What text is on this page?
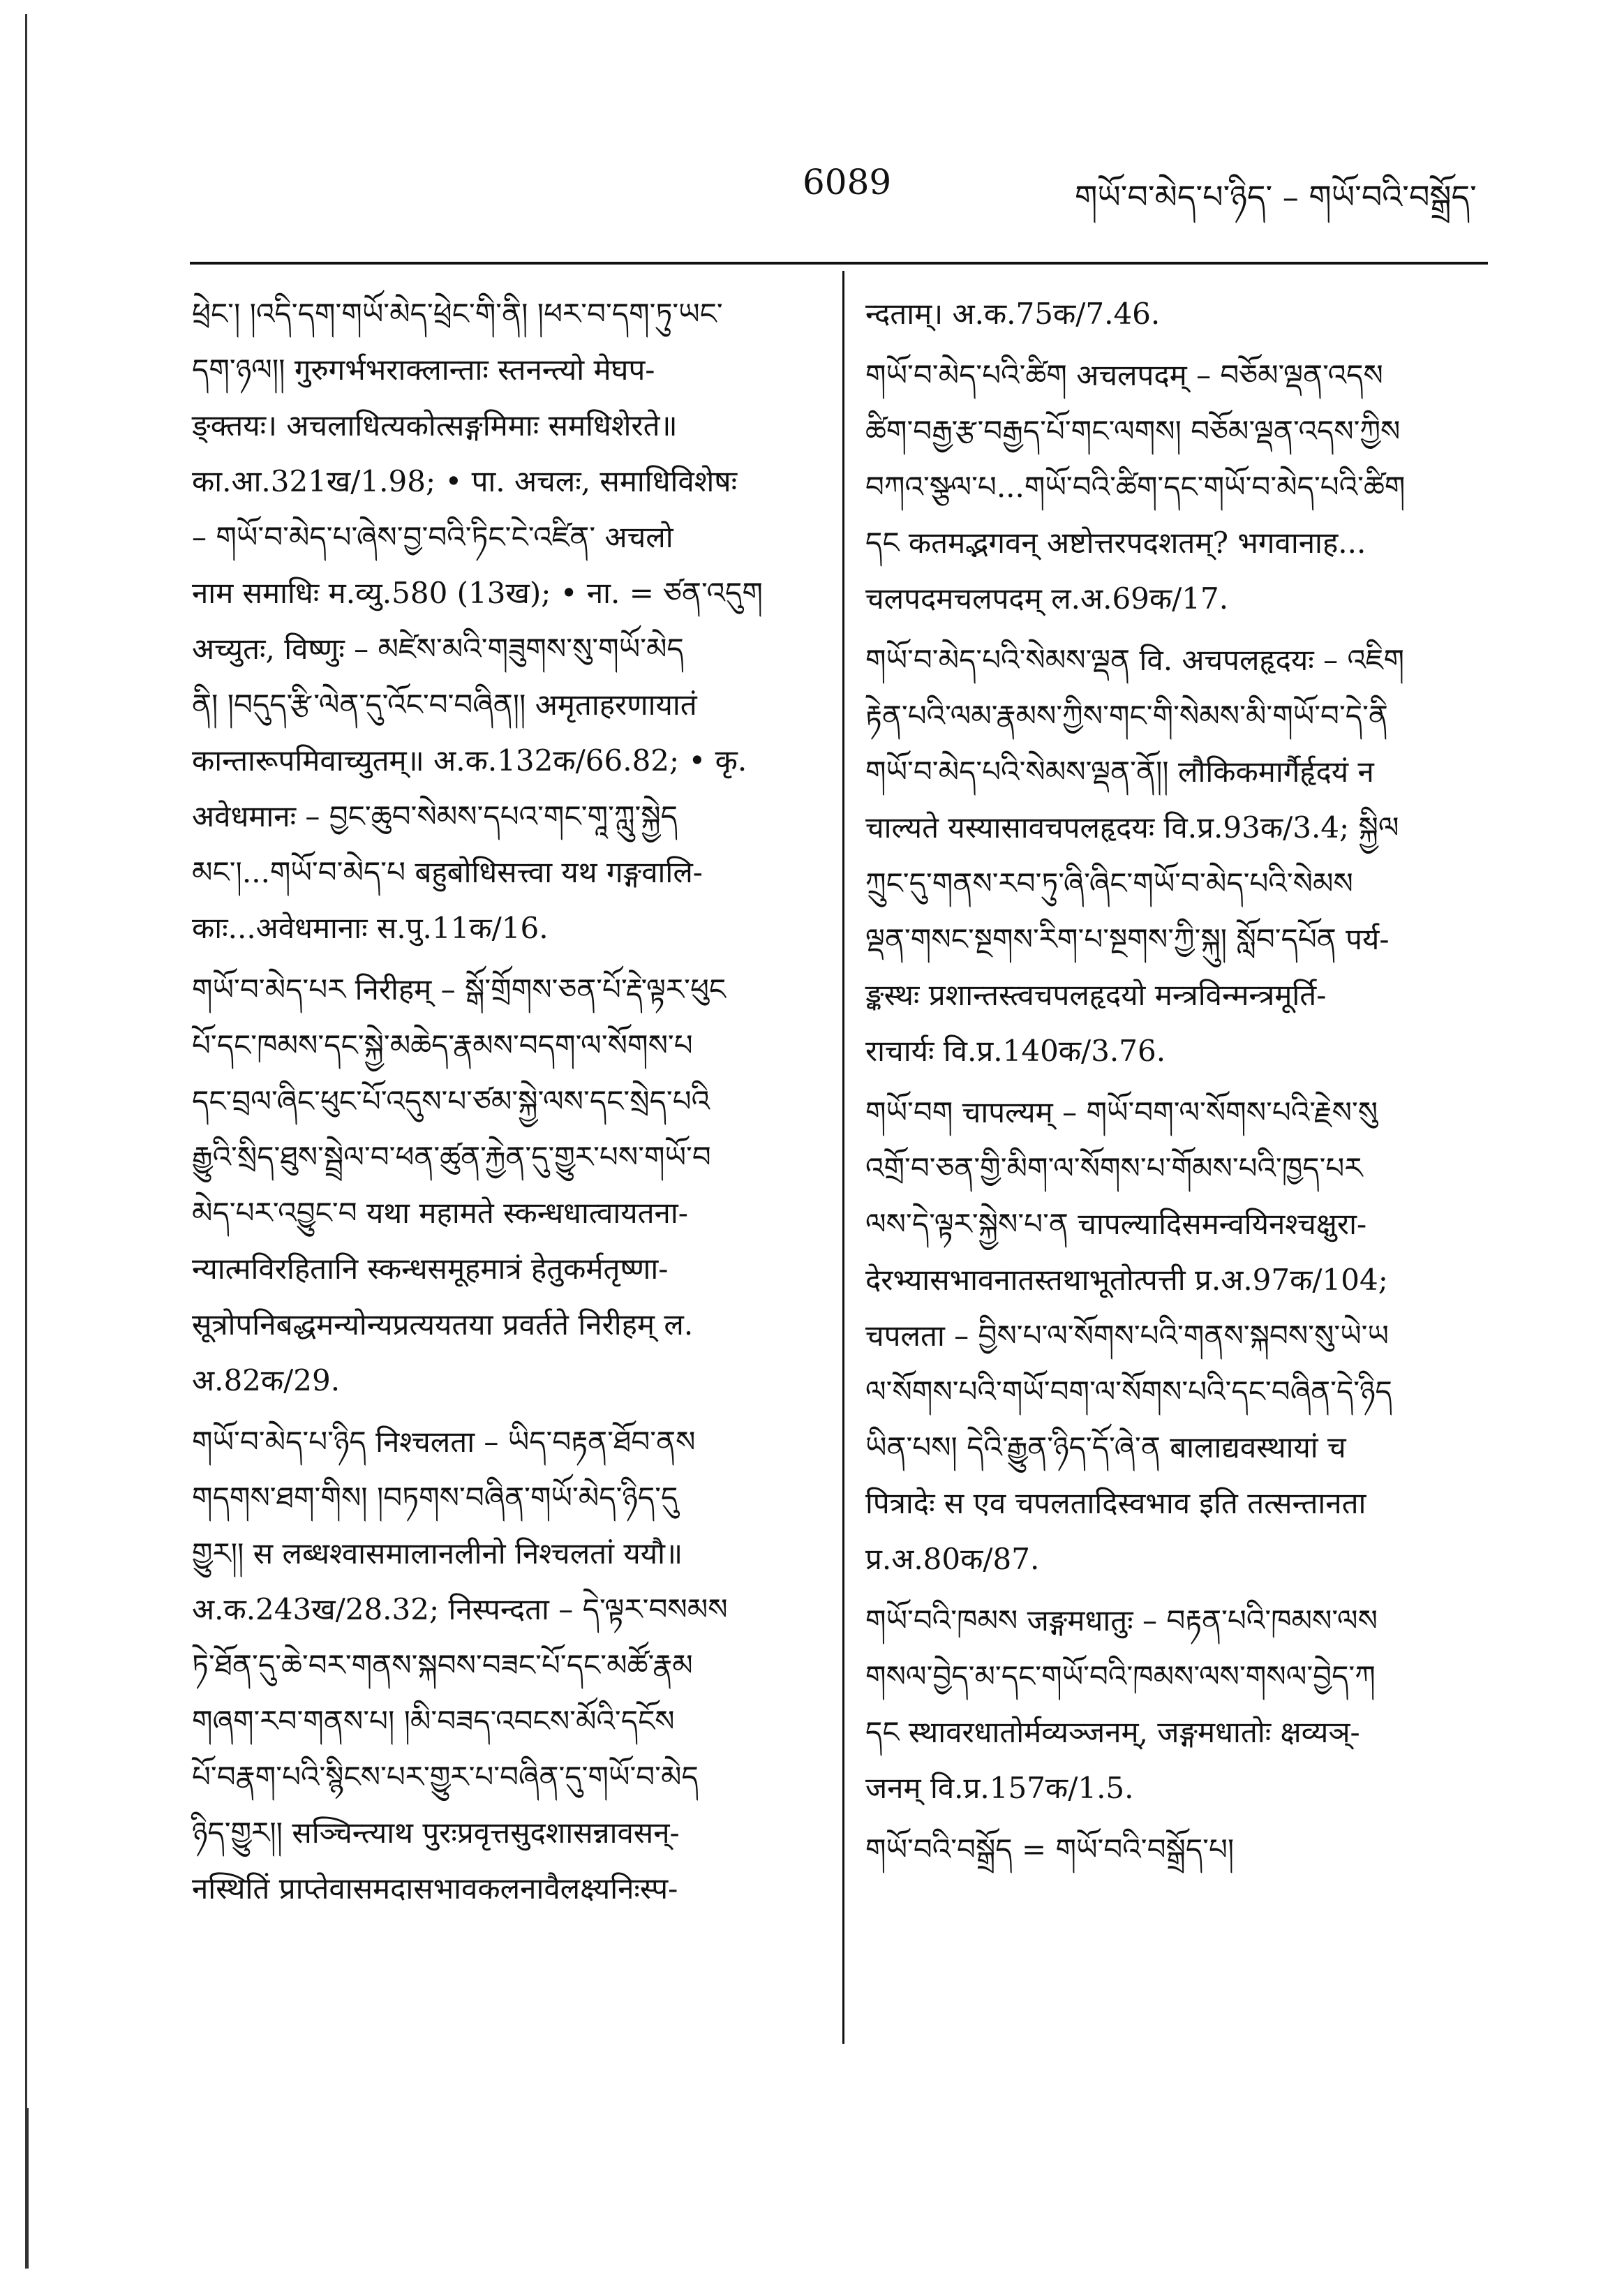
6089	གཡོ་བ་མེད་པ་ཉིད་ – གཡོ་བའི་བསྒྲོད་
ཕྲེང་། །འདི་དག་གཡོ་མེད་ཕྲེང་གི་ནི། །ཕར་བ་དག་ཏུ་ཡང་
དག་ཉལ།། गुरुगर्भभराक्लान्ताः स्तनन्त्यो मेघप-
ङ्क्तयः। अचलाधित्यकोत्सङ्गमिमाः समधिशेरते॥
का.आ.321ख/1.98; • पा. अचलः, समाधिविशेषः
– གཡོ་བ་མེད་པ་ཞེས་བྱ་བའི་ཏིང་ངེ་འཛིན་ अचलो
नाम समाधिः म.व्यु.580 (13ख); • ना. = ཙན་འདུག
अच्युतः, विष्णुः – མཛེས་མའི་གཟུགས་སུ་གཡོ་མེད
ནི། །བདུད་རྩི་ལེན་དུ་འོང་བ་བཞིན།། अमृताहरणायातं
कान्तारूपमिवाच्युतम्॥ अ.क.132क/66.82; • कृ.
अवेधमानः – བྱང་ཆུབ་སེམས་དཔའ་གང་གཱ་ཀླུ་སྐྱེད
མང་།...གཡོ་བ་མེད་པ बहुबोधिसत्त्वा यथ गङ्गवालि-
काः...अवेधमानाः स.पु.11क/16.
གཡོ་བ་མེད་པར निरीहम् – སྒོ་གྲོགས་ཅན་པོ་རྡེ་ལྟར་ཕུང
པོ་དང་ཁམས་དང་སྐྱེ་མཆེད་རྣམས་བདག་ལ་སོགས་པ
དང་བྲལ་ཞིང་ཕུང་པོ་འདུས་པ་ཙམ་སྐྱེ་ལས་དང་སྲེད་པའི
རྒྱུའི་སྲིད་ཐུས་སྦྲེལ་བ་ཕན་ཚུན་རྐྱེན་དུ་གྱུར་པས་གཡོ་བ
མེད་པར་འབྱུང་བ यथा महामते स्कन्धधात्वायतना-
न्यात्मविरहितानि स्कन्धसमूहमात्रं हेतुकर्मतृष्णा-
सूत्रोपनिबद्धमन्योन्यप्रत्ययतया प्रवर्तते निरीहम् ल.
अ.82क/29.
གཡོ་བ་མེད་པ་ཉིད निश्चलता – ཡིད་བརྟན་ཐོབ་ནས
གདགས་ཐག་གིས། །བཏགས་བཞིན་གཡོ་མེད་ཉིད་དུ
གྱུར།། स लब्धश्वासमालानलीनो निश्चलतां ययौ॥
अ.क.243ख/28.32; निस्पन्दता – དེ་ལྟར་བསམས
ཏེ་ཐོན་དུ་ཆེ་བར་གནས་སྐབས་བཟང་པོ་དང་མཚོ་རྣམ
གཞག་རབ་གནས་པ། །མི་བཟད་འབངས་མོའི་དངོས
པོ་བརྣག་པའི་སྙིངས་པར་གྱུར་པ་བཞིན་དུ་གཡོ་བ་མེད
ཉིད་གྱུར།། सञ्चिन्त्याथ पुरःप्रवृत्तसुदशासन्नावसन्-
नस्थितिं प्राप्तेवासमदासभावकलनावैलक्ष्यनिःस्प-
न्दताम्। अ.क.75क/7.46.
གཡོ་བ་མེད་པའི་ཚིག अचलपदम् – བཅོམ་ལྡན་འདས
ཚིག་བརྒྱ་རྩ་བརྒྱད་པོ་གང་ལགས། བཅོམ་ལྡན་འདས་ཀྱིས
བཀའ་སྩལ་པ...གཡོ་བའི་ཚིག་དང་གཡོ་བ་མེད་པའི་ཚིག
དང कतमद्भगवन् अष्टोत्तरपदशतम्? भगवानाह...
चलपदमचलपदम् ल.अ.69क/17.
གཡོ་བ་མེད་པའི་སེམས་ལྡན वि. अचपलहृदयः – འཇིག
རྟེན་པའི་ལམ་རྣམས་ཀྱིས་གང་གི་སེམས་མི་གཡོ་བ་དེ་ནི
གཡོ་བ་མེད་པའི་སེམས་ལྡན་ནོ།། लौकिकमार्गैर्हृदयं न
चाल्यते यस्यासावचपलहृदयः वि.प्र.93क/3.4; སྐྱིལ
ཀྲུང་དུ་གནས་རབ་ཏུ་ཞི་ཞིང་གཡོ་བ་མེད་པའི་སེམས
ལྡན་གསང་སྔགས་རིག་པ་སྔགས་ཀྱི་སྐུ། སློབ་དཔོན पर्य-
ङ्कस्थः प्रशान्तस्त्वचपलहृदयो मन्त्रविन्मन्त्रमूर्ति-
राचार्यः वि.प्र.140क/3.76.
གཡོ་བག चापल्यम् – གཡོ་བག་ལ་སོགས་པའི་རྗེས་སུ
འགྲོ་བ་ཅན་གྱི་མིག་ལ་སོགས་པ་གོམས་པའི་ཁྱད་པར
ལས་དེ་ལྟར་སྐྱེས་པ་ན चापल्यादिसमन्वयिनश्चक्षुरा-
देरभ्यासभावनातस्तथाभूतोत्पत्ती प्र.अ.97क/104;
चपलता – བྱིས་པ་ལ་སོགས་པའི་གནས་སྐབས་སུ་ཡེ་ཡ
ལ་སོགས་པའི་གཡོ་བག་ལ་སོགས་པའི་དང་བཞིན་དེ་ཉིད
ཡིན་པས། དེའི་རྒྱུན་ཉིད་དོ་ཞེ་ན बालाद्यवस्थायां च
पित्रादेः स एव चपलतादिस्वभाव इति तत्सन्तानता
प्र.अ.80क/87.
གཡོ་བའི་ཁམས जङ्गमधातुः – བརྟན་པའི་ཁམས་ལས
གསལ་བྱེད་མ་དང་གཡོ་བའི་ཁམས་ལས་གསལ་བྱེད་ཀ
དང स्थावरधातोर्मव्यञ्जनम्, जङ्गमधातोः क्षव्यञ्-
जनम् वि.प्र.157क/1.5.
གཡོ་བའི་བསྒྲོད = གཡོ་བའི་བསྒྲོད་པ།
